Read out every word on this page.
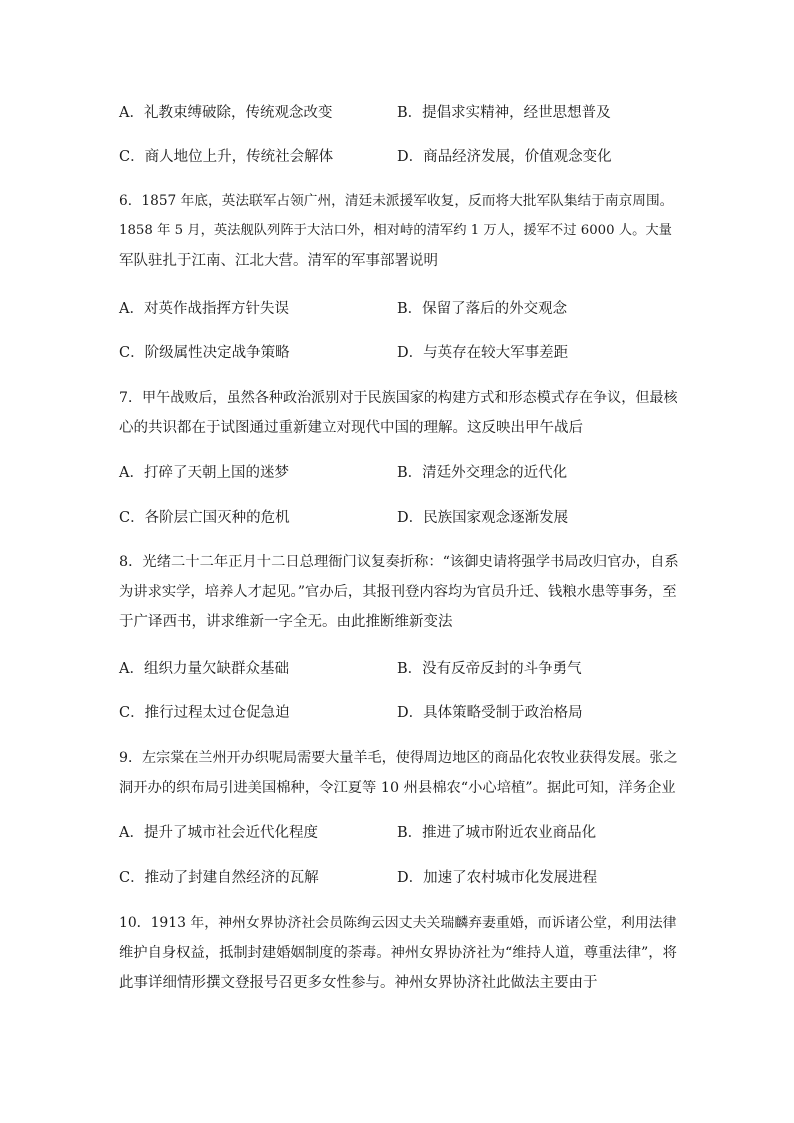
A．礼教束缚破除，传统观念改变	B．提倡求实精神，经世思想普及
C．商人地位上升，传统社会解体	D．商品经济发展，价值观念变化
6．1857 年底，英法联军占领广州，清廷未派援军收复，反而将大批军队集结于南京周围。
1858 年 5 月，英法舰队列阵于大沽口外，相对峙的清军约 1 万人，援军不过 6000 人。大量
军队驻扎于江南、江北大营。清军的军事部署说明
A．对英作战指挥方针失误	B．保留了落后的外交观念
C．阶级属性决定战争策略	D．与英存在较大军事差距
7．甲午战败后，虽然各种政治派别对于民族国家的构建方式和形态模式存在争议，但最核
心的共识都在于试图通过重新建立对现代中国的理解。这反映出甲午战后
A．打碎了天朝上国的迷梦	B．清廷外交理念的近代化
C．各阶层亡国灭种的危机	D．民族国家观念逐渐发展
8．光绪二十二年正月十二日总理衙门议复奏折称：“该御史请将强学书局改归官办，自系
为讲求实学，培养人才起见。”官办后，其报刊登内容均为官员升迁、钱粮水患等事务，至
于广译西书，讲求维新一字全无。由此推断维新变法
A．组织力量欠缺群众基础	B．没有反帝反封的斗争勇气
C．推行过程太过仓促急迫	D．具体策略受制于政治格局
9．左宗棠在兰州开办织呢局需要大量羊毛，使得周边地区的商品化农牧业获得发展。张之
洞开办的织布局引进美国棉种，令江夏等 10 州县棉农“小心培植”。据此可知，洋务企业
A．提升了城市社会近代化程度	B．推进了城市附近农业商品化
C．推动了封建自然经济的瓦解	D．加速了农村城市化发展进程
10．1913 年，神州女界协济社会员陈绚云因丈夫关瑞麟弃妻重婚，而诉诸公堂，利用法律
维护自身权益，抵制封建婚姻制度的荼毒。神州女界协济社为“维持人道，尊重法律”，将
此事详细情形撰文登报号召更多女性参与。神州女界协济社此做法主要由于
